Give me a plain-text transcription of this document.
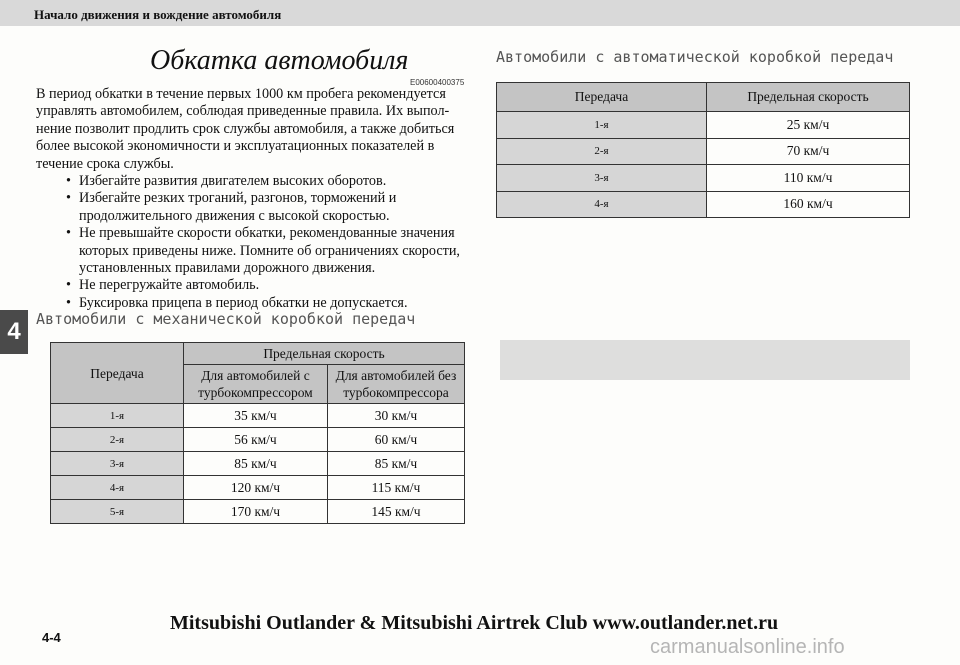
Начало движения и вождение автомобиля
4
Обкатка автомобиля
E00600400375

В период обкатки в течение первых 1000 км пробега рекомендуется управлять автомобилем, соблюдая приведенные правила. Их выпол-нение позволит продлить срок службы автомобиля, а также добиться более высокой экономичности и эксплуатационных показателей в течение срока службы.

• Избегайте развития двигателем высоких оборотов.
• Избегайте резких троганий, разгонов, торможений и продолжительного движения с высокой скоростью.
• Не превышайте скорости обкатки, рекомендованные значения которых приведены ниже. Помните об ограничениях скорости, установленных правилами дорожного движения.
• Не перегружайте автомобиль.
• Буксировка прицепа в период обкатки не допускается.
Автомобили с механической коробкой передач
Передача	Предельная скорость	
	Для автомобилей с турбокомпрессором	Для автомобилей без турбокомпрессора
1-я	35 км/ч	30 км/ч
2-я	56 км/ч	60 км/ч
3-я	85 км/ч	85 км/ч
4-я	120 км/ч	115 км/ч
5-я	170 км/ч	145 км/ч
Автомобили с автоматической коробкой передач
Передача	Предельная скорость
1-я	25 км/ч
2-я	70 км/ч
3-я	110 км/ч
4-я	160 км/ч
Mitsubishi Outlander & Mitsubishi Airtrek Club www.outlander.net.ru
4-4	carmanualsonline.info
